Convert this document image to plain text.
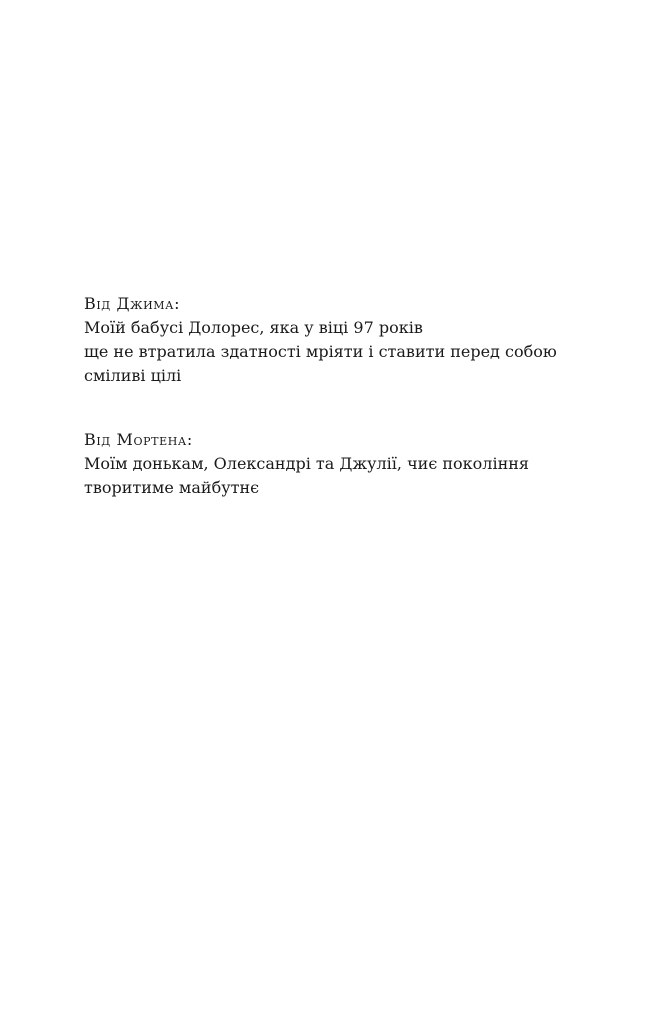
Від Джима:
Моїй бабусі Долорес, яка у віці 97 років
ще не втратила здатності мріяти і ставити перед собою
сміливі цілі
Від Мортена:
Моїм донькам, Олександрі та Джулії, чиє покоління
творитиме майбутнє
